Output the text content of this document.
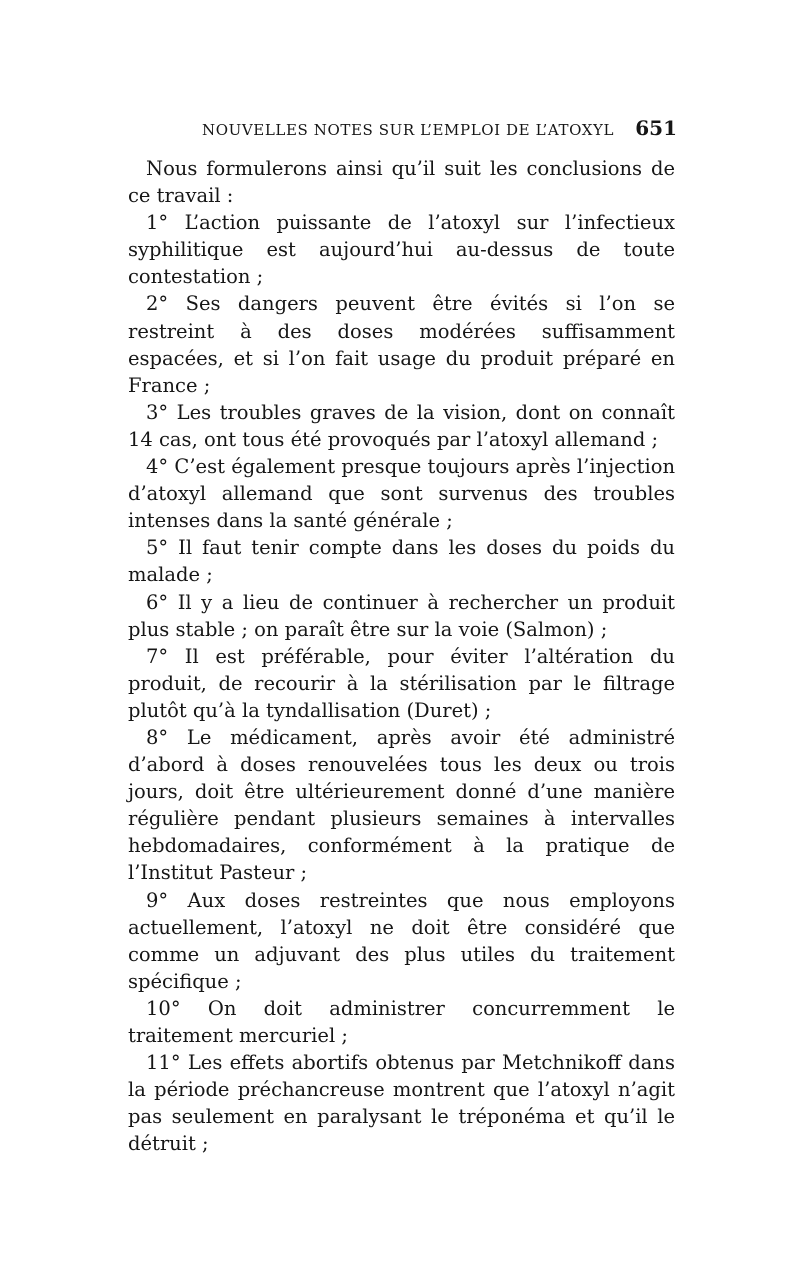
NOUVELLES NOTES SUR L’EMPLOI DE L’ATOXYL 651

Nous formulerons ainsi qu’il suit les conclusions de ce travail :

1° L’action puissante de l’atoxyl sur l’infectieux syphilitique est aujourd’hui au-dessus de toute contestation ;

2° Ses dangers peuvent être évités si l’on se restreint à des doses modérées suffisamment espacées, et si l’on fait usage du produit préparé en France ;

3° Les troubles graves de la vision, dont on connaît 14 cas, ont tous été provoqués par l’atoxyl allemand ;

4° C’est également presque toujours après l’injection d’atoxyl allemand que sont survenus des troubles intenses dans la santé générale ;

5° Il faut tenir compte dans les doses du poids du malade ;

6° Il y a lieu de continuer à rechercher un produit plus stable ; on paraît être sur la voie (Salmon) ;

7° Il est préférable, pour éviter l’altération du produit, de recourir à la stérilisation par le filtrage plutôt qu’à la tyndallisation (Duret) ;

8° Le médicament, après avoir été administré d’abord à doses renouvelées tous les deux ou trois jours, doit être ultérieurement donné d’une manière régulière pendant plusieurs semaines à intervalles hebdomadaires, conformément à la pratique de l’Institut Pasteur ;

9° Aux doses restreintes que nous employons actuellement, l’atoxyl ne doit être considéré que comme un adjuvant des plus utiles du traitement spécifique ;

10° On doit administrer concurremment le traitement mercuriel ;

11° Les effets abortifs obtenus par Metchnikoff dans la période préchancreuse montrent que l’atoxyl n’agit pas seulement en paralysant le tréponéma et qu’il le détruit ;
